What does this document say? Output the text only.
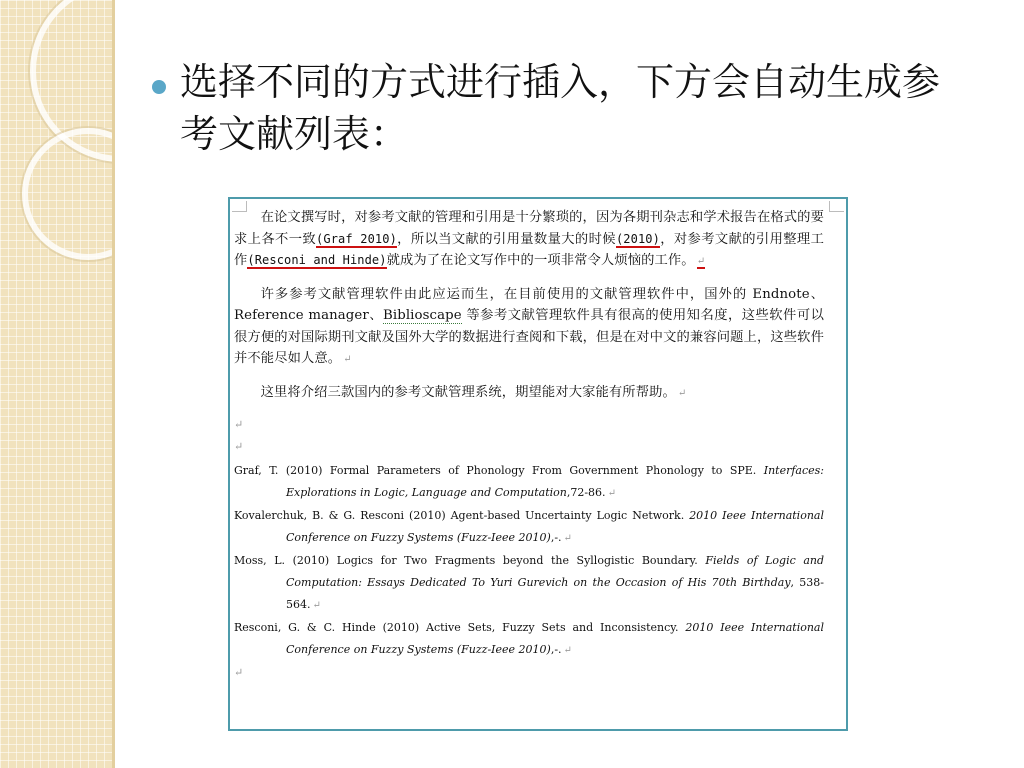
选择不同的方式进行插入，下方会自动生成参考文献列表：

在论文撰写时，对参考文献的管理和引用是十分繁琐的，因为各期刊杂志和学术报告在格式的要求上各不一致(Graf 2010)，所以当文献的引用量数量大的时候(2010)，对参考文献的引用整理工作(Resconi and Hinde)就成为了在论文写作中的一项非常令人烦恼的工作。 ↵

许多参考文献管理软件由此应运而生，在目前使用的文献管理软件中，国外的 Endnote、Reference manager、Biblioscape 等参考文献管理软件具有很高的使用知名度，这些软件可以很方便的对国际期刊文献及国外大学的数据进行查阅和下载，但是在对中文的兼容问题上，这些软件并不能尽如人意。 ↵

这里将介绍三款国内的参考文献管理系统，期望能对大家能有所帮助。 ↵

↵
↵

Graf, T. (2010) Formal Parameters of Phonology From Government Phonology to SPE. Interfaces: Explorations in Logic, Language and Computation,72-86. ↵

Kovalerchuk, B. & G. Resconi (2010) Agent-based Uncertainty Logic Network. 2010 Ieee International Conference on Fuzzy Systems (Fuzz-Ieee 2010),-. ↵

Moss, L. (2010) Logics for Two Fragments beyond the Syllogistic Boundary. Fields of Logic and Computation: Essays Dedicated To Yuri Gurevich on the Occasion of His 70th Birthday, 538-564. ↵

Resconi, G. & C. Hinde (2010) Active Sets, Fuzzy Sets and Inconsistency. 2010 Ieee International Conference on Fuzzy Systems (Fuzz-Ieee 2010),-. ↵

↵
